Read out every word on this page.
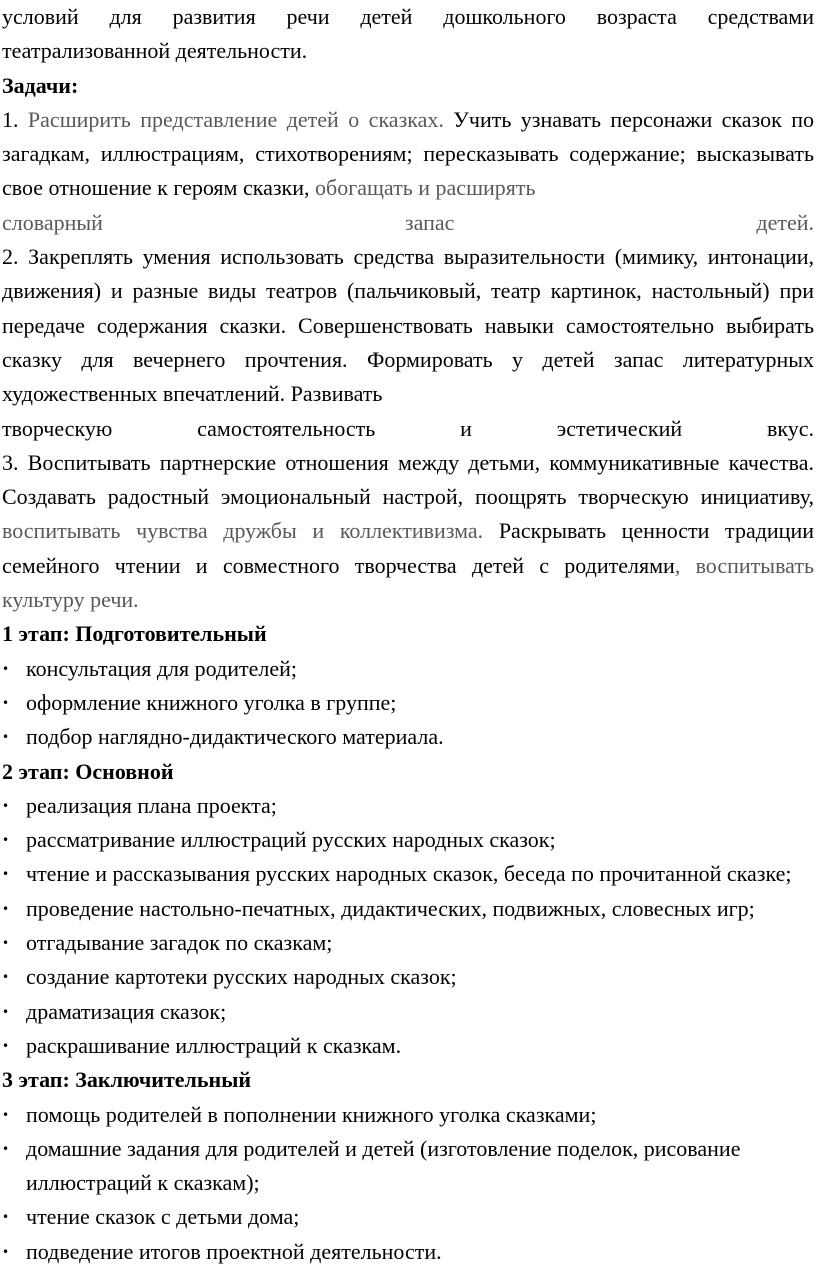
условий для развития речи детей дошкольного возраста средствами
театрализованной деятельности.

Задачи:

1. Расширить представление детей о сказках. Учить узнавать персонажи сказок по загадкам, иллюстрациям, стихотворениям; пересказывать содержание; высказывать свое отношение к героям сказки, обогащать и расширять

словарный	запас	детей.

2. Закреплять умения использовать средства выразительности (мимику, интонации, движения) и разные виды театров (пальчиковый, театр картинок, настольный) при передаче содержания сказки. Совершенствовать навыки самостоятельно выбирать сказку для вечернего прочтения. Формировать у детей запас литературных художественных впечатлений. Развивать

творческую	самостоятельность	и	эстетический	вкус.

3. Воспитывать партнерские отношения между детьми, коммуникативные качества. Создавать радостный эмоциональный настрой, поощрять творческую инициативу, воспитывать чувства дружбы и коллективизма. Раскрывать ценности традиции семейного чтении и совместного творчества детей с родителями, воспитывать культуру речи.

1 этап: Подготовительный

• консультация для родителей;
• оформление книжного уголка в группе;
• подбор наглядно-дидактического материала.

2 этап: Основной

• реализация плана проекта;
• рассматривание иллюстраций русских народных сказок;
• чтение и рассказывания русских народных сказок, беседа по прочитанной сказке;
• проведение настольно-печатных, дидактических, подвижных, словесных игр;
• отгадывание загадок по сказкам;
• создание картотеки русских народных сказок;
• драматизация сказок;
• раскрашивание иллюстраций к сказкам.

3 этап: Заключительный

• помощь родителей в пополнении книжного уголка сказками;
• домашние задания для родителей и детей (изготовление поделок, рисование иллюстраций к сказкам);
• чтение сказок с детьми дома;
• подведение итогов проектной деятельности.
